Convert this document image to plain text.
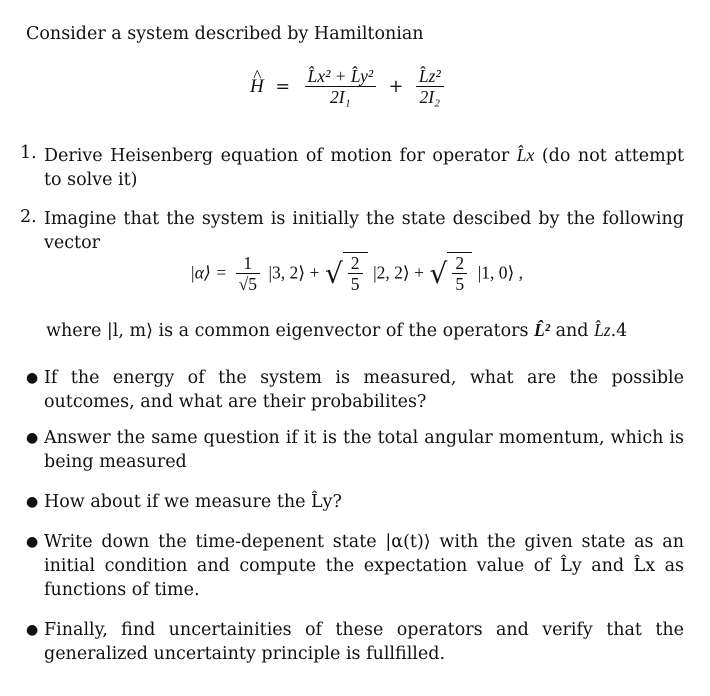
Consider a system described by Hamiltonian
^ $H = \frac{\text{L̂x² + L̂y²}}{\text{2I₁}} + \frac{\text{L̂z²}}{\text{2I₂}}$
1. Derive Heisenberg equation of motion for operator L̂x (do not attempt to solve it)
2. Imagine that the system is initially the state descibed by the following vector
|α⟩ = $\frac{1}{√5} |3$, 2⟩ + √ $\frac{2}{5} |2$, 2⟩ + √ $\frac{2}{5} |1$, 0⟩ ,
where |l, m⟩ is a common eigenvector of the operators L̂² and L̂z.4
● If the energy of the system is measured, what are the possible outcomes, and what are their probabilites?
● Answer the same question if it is the total angular momentum, which is being measured
● How about if we measure the L̂y?
● Write down the time-depenent state |α(t)⟩ with the given state as an initial condition and compute the expectation value of L̂y and L̂x as functions of time.
● Finally, find uncertainities of these operators and verify that the generalized uncertainty principle is fullfilled.
